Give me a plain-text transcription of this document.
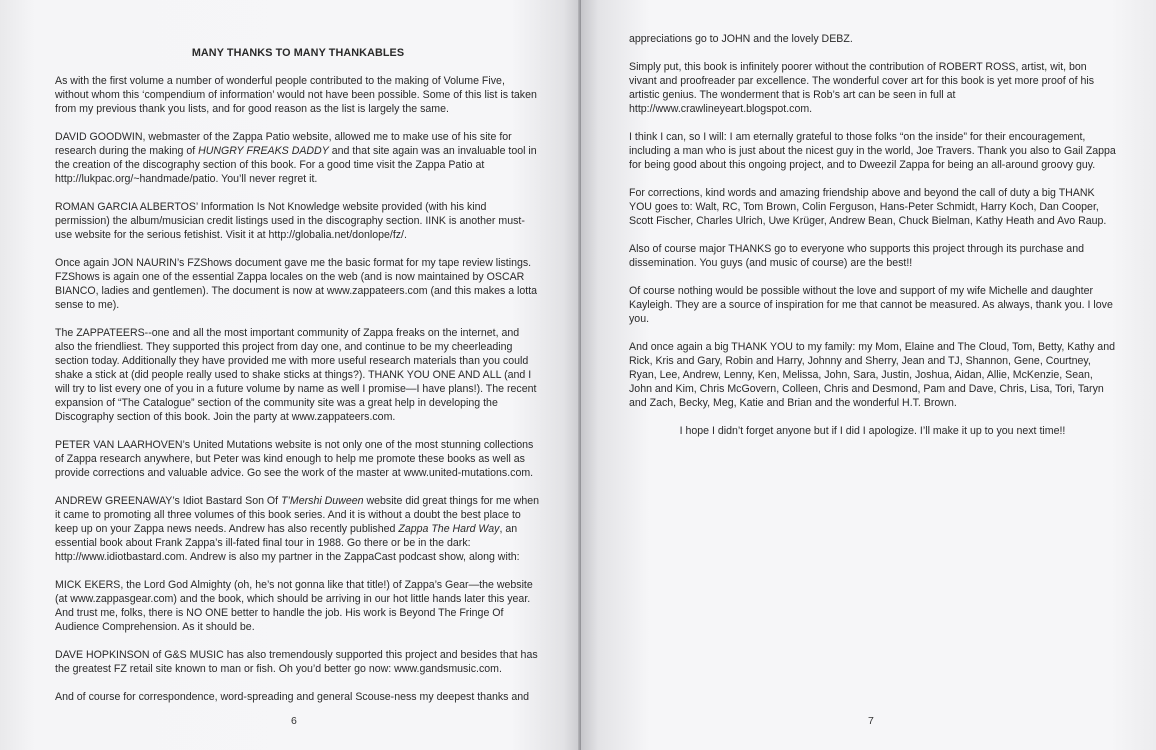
MANY THANKS TO MANY THANKABLES

As with the first volume a number of wonderful people contributed to the making of Volume Five, without whom this ‘compendium of information’ would not have been possible. Some of this list is taken from my previous thank you lists, and for good reason as the list is largely the same.

DAVID GOODWIN, webmaster of the Zappa Patio website, allowed me to make use of his site for research during the making of HUNGRY FREAKS DADDY and that site again was an invaluable tool in the creation of the discography section of this book. For a good time visit the Zappa Patio at http://lukpac.org/~handmade/patio. You’ll never regret it.

ROMAN GARCIA ALBERTOS’ Information Is Not Knowledge website provided (with his kind permission) the album/musician credit listings used in the discography section. IINK is another must-use website for the serious fetishist. Visit it at http://globalia.net/donlope/fz/.

Once again JON NAURIN’s FZShows document gave me the basic format for my tape review listings. FZShows is again one of the essential Zappa locales on the web (and is now maintained by OSCAR BIANCO, ladies and gentlemen). The document is now at www.zappateers.com (and this makes a lotta sense to me).

The ZAPPATEERS--one and all the most important community of Zappa freaks on the internet, and also the friendliest. They supported this project from day one, and continue to be my cheerleading section today. Additionally they have provided me with more useful research materials than you could shake a stick at (did people really used to shake sticks at things?). THANK YOU ONE AND ALL (and I will try to list every one of you in a future volume by name as well I promise—I have plans!). The recent expansion of “The Catalogue” section of the community site was a great help in developing the Discography section of this book. Join the party at www.zappateers.com.

PETER VAN LAARHOVEN’s United Mutations website is not only one of the most stunning collections of Zappa research anywhere, but Peter was kind enough to help me promote these books as well as provide corrections and valuable advice. Go see the work of the master at www.united-mutations.com.

ANDREW GREENAWAY’s Idiot Bastard Son Of T’Mershi Duween website did great things for me when it came to promoting all three volumes of this book series. And it is without a doubt the best place to keep up on your Zappa news needs. Andrew has also recently published Zappa The Hard Way, an essential book about Frank Zappa’s ill-fated final tour in 1988. Go there or be in the dark: http://www.idiotbastard.com. Andrew is also my partner in the ZappaCast podcast show, along with:

MICK EKERS, the Lord God Almighty (oh, he’s not gonna like that title!) of Zappa’s Gear—the website (at www.zappasgear.com) and the book, which should be arriving in our hot little hands later this year. And trust me, folks, there is NO ONE better to handle the job. His work is Beyond The Fringe Of Audience Comprehension. As it should be.

DAVE HOPKINSON of G&S MUSIC has also tremendously supported this project and besides that has the greatest FZ retail site known to man or fish. Oh you’d better go now: www.gandsmusic.com.

And of course for correspondence, word-spreading and general Scouse-ness my deepest thanks and

6

appreciations go to JOHN and the lovely DEBZ.

Simply put, this book is infinitely poorer without the contribution of ROBERT ROSS, artist, wit, bon vivant and proofreader par excellence. The wonderful cover art for this book is yet more proof of his artistic genius. The wonderment that is Rob’s art can be seen in full at http://www.crawlineyeart.blogspot.com.

I think I can, so I will: I am eternally grateful to those folks “on the inside” for their encouragement, including a man who is just about the nicest guy in the world, Joe Travers. Thank you also to Gail Zappa for being good about this ongoing project, and to Dweezil Zappa for being an all-around groovy guy.

For corrections, kind words and amazing friendship above and beyond the call of duty a big THANK YOU goes to: Walt, RC, Tom Brown, Colin Ferguson, Hans-Peter Schmidt, Harry Koch, Dan Cooper, Scott Fischer, Charles Ulrich, Uwe Krüger, Andrew Bean, Chuck Bielman, Kathy Heath and Avo Raup.

Also of course major THANKS go to everyone who supports this project through its purchase and dissemination. You guys (and music of course) are the best!!

Of course nothing would be possible without the love and support of my wife Michelle and daughter Kayleigh. They are a source of inspiration for me that cannot be measured. As always, thank you. I love you.

And once again a big THANK YOU to my family: my Mom, Elaine and The Cloud, Tom, Betty, Kathy and Rick, Kris and Gary, Robin and Harry, Johnny and Sherry, Jean and TJ, Shannon, Gene, Courtney, Ryan, Lee, Andrew, Lenny, Ken, Melissa, John, Sara, Justin, Joshua, Aidan, Allie, McKenzie, Sean, John and Kim, Chris McGovern, Colleen, Chris and Desmond, Pam and Dave, Chris, Lisa, Tori, Taryn and Zach, Becky, Meg, Katie and Brian and the wonderful H.T. Brown.

I hope I didn’t forget anyone but if I did I apologize. I’ll make it up to you next time!!

7
